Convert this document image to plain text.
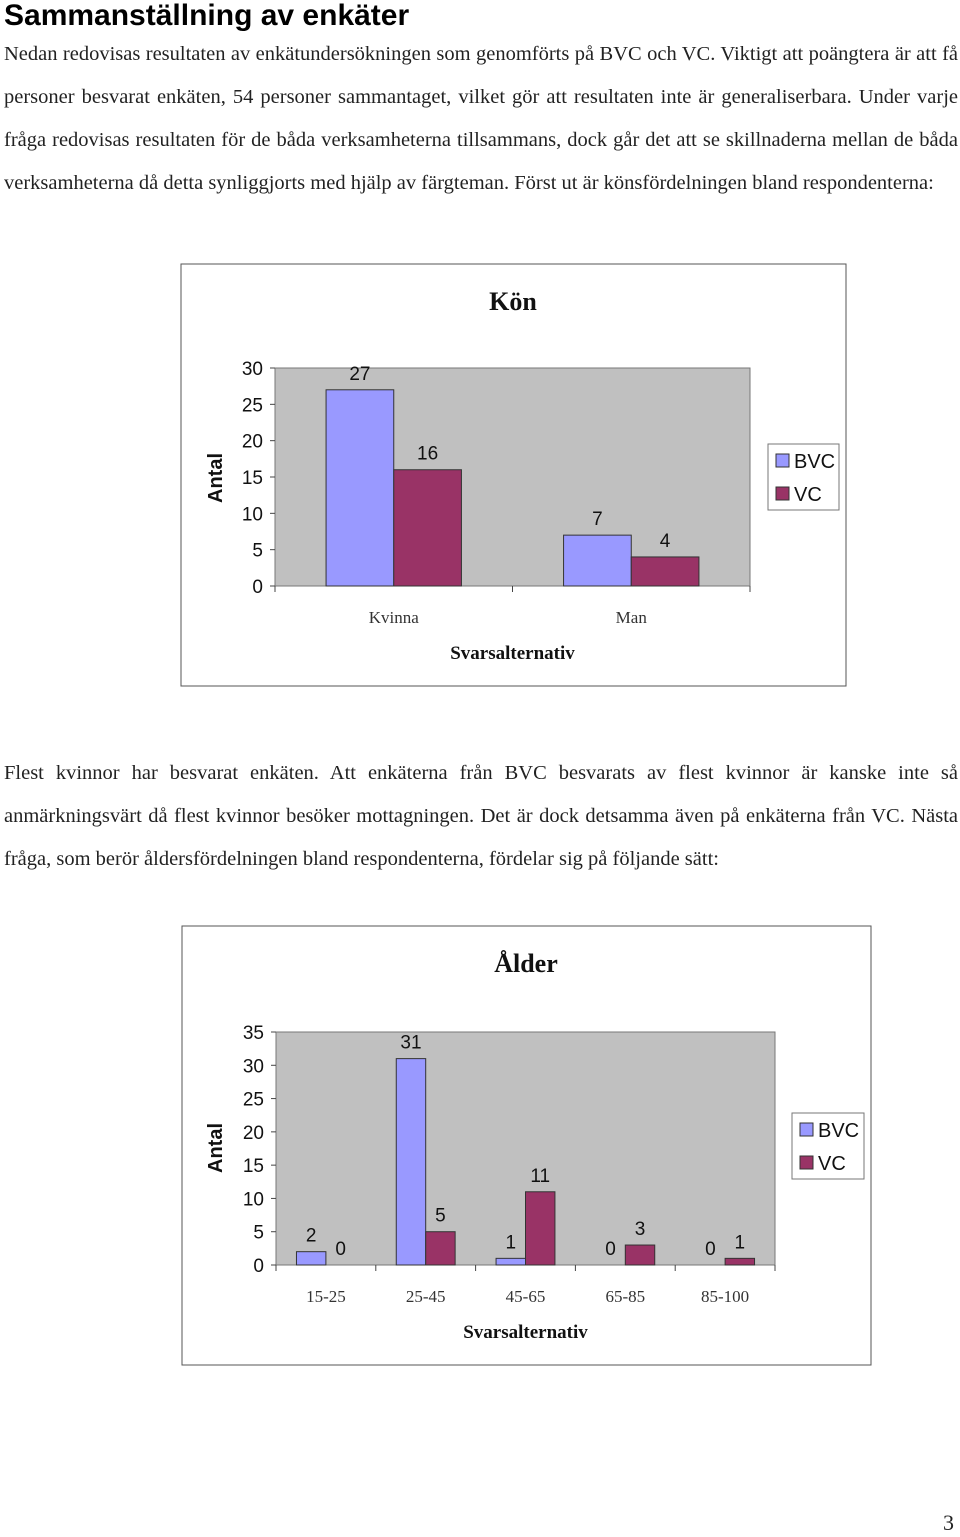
Sammanställning av enkäter

Nedan redovisas resultaten av enkätundersökningen som genomförts på BVC och VC. Viktigt att poängtera är att få personer besvarat enkäten, 54 personer sammantaget, vilket gör att resultaten inte är generaliserbara. Under varje fråga redovisas resultaten för de båda verksamheterna tillsammans, dock går det att se skillnaderna mellan de båda verksamheterna då detta synliggjorts med hjälp av färgteman. Först ut är könsfördelningen bland respondenterna:

Kön
0
5
10
15
20
25
30	27
16
Kvinna
7
4
Man
Svarsalternativ
Antal	BVC
VC

Flest kvinnor har besvarat enkäten. Att enkäterna från BVC besvarats av flest kvinnor är kanske inte så anmärkningsvärt då flest kvinnor besöker mottagningen. Det är dock detsamma även på enkäterna från VC. Nästa fråga, som berör åldersfördelningen bland respondenterna, fördelar sig på följande sätt:

Ålder
0
5
10
15
20
25
30
35
2
0
15-25
31
5
25-45
1
11
45-65
0
3
65-85
0 1
85-100
Svarsalternativ
Antal	BVC
VC
3
